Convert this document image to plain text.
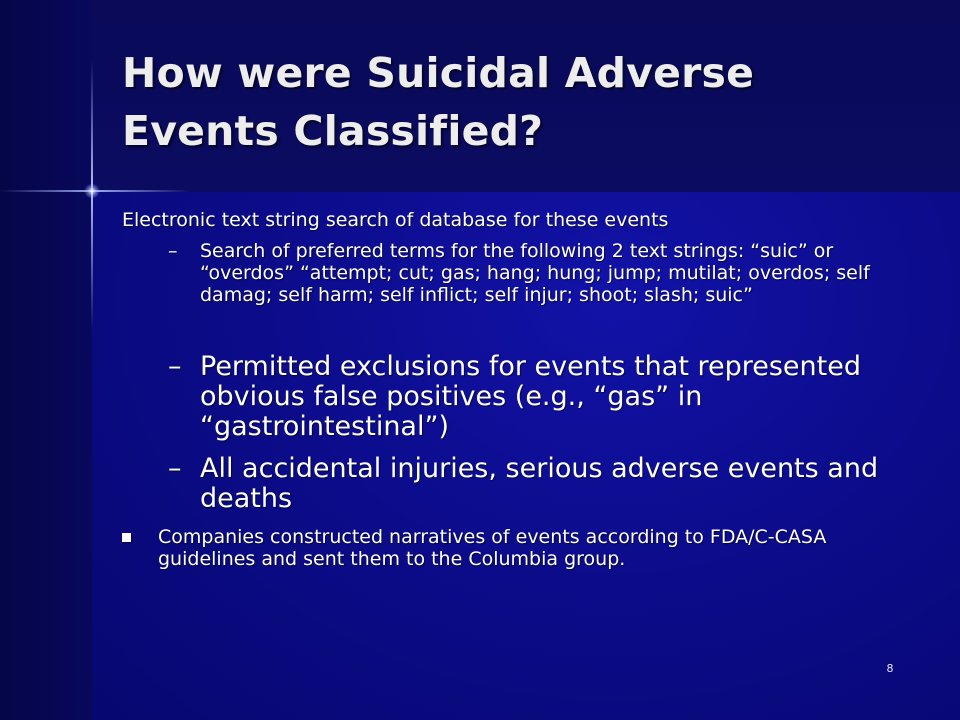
How were Suicidal Adverse Events Classified?

Electronic text string search of database for these events

–	Search of preferred terms for the following 2 text strings: “suic” or “overdos” “attempt; cut; gas; hang; hung; jump; mutilat; overdos; self damag; self harm; self inflict; self injur; shoot; slash; suic”
– Permitted exclusions for events that represented obvious false positives (e.g., “gas” in “gastrointestinal”)
– All accidental injuries, serious adverse events and deaths
Companies constructed narratives of events according to FDA/C-CASA guidelines and sent them to the Columbia group.
8
